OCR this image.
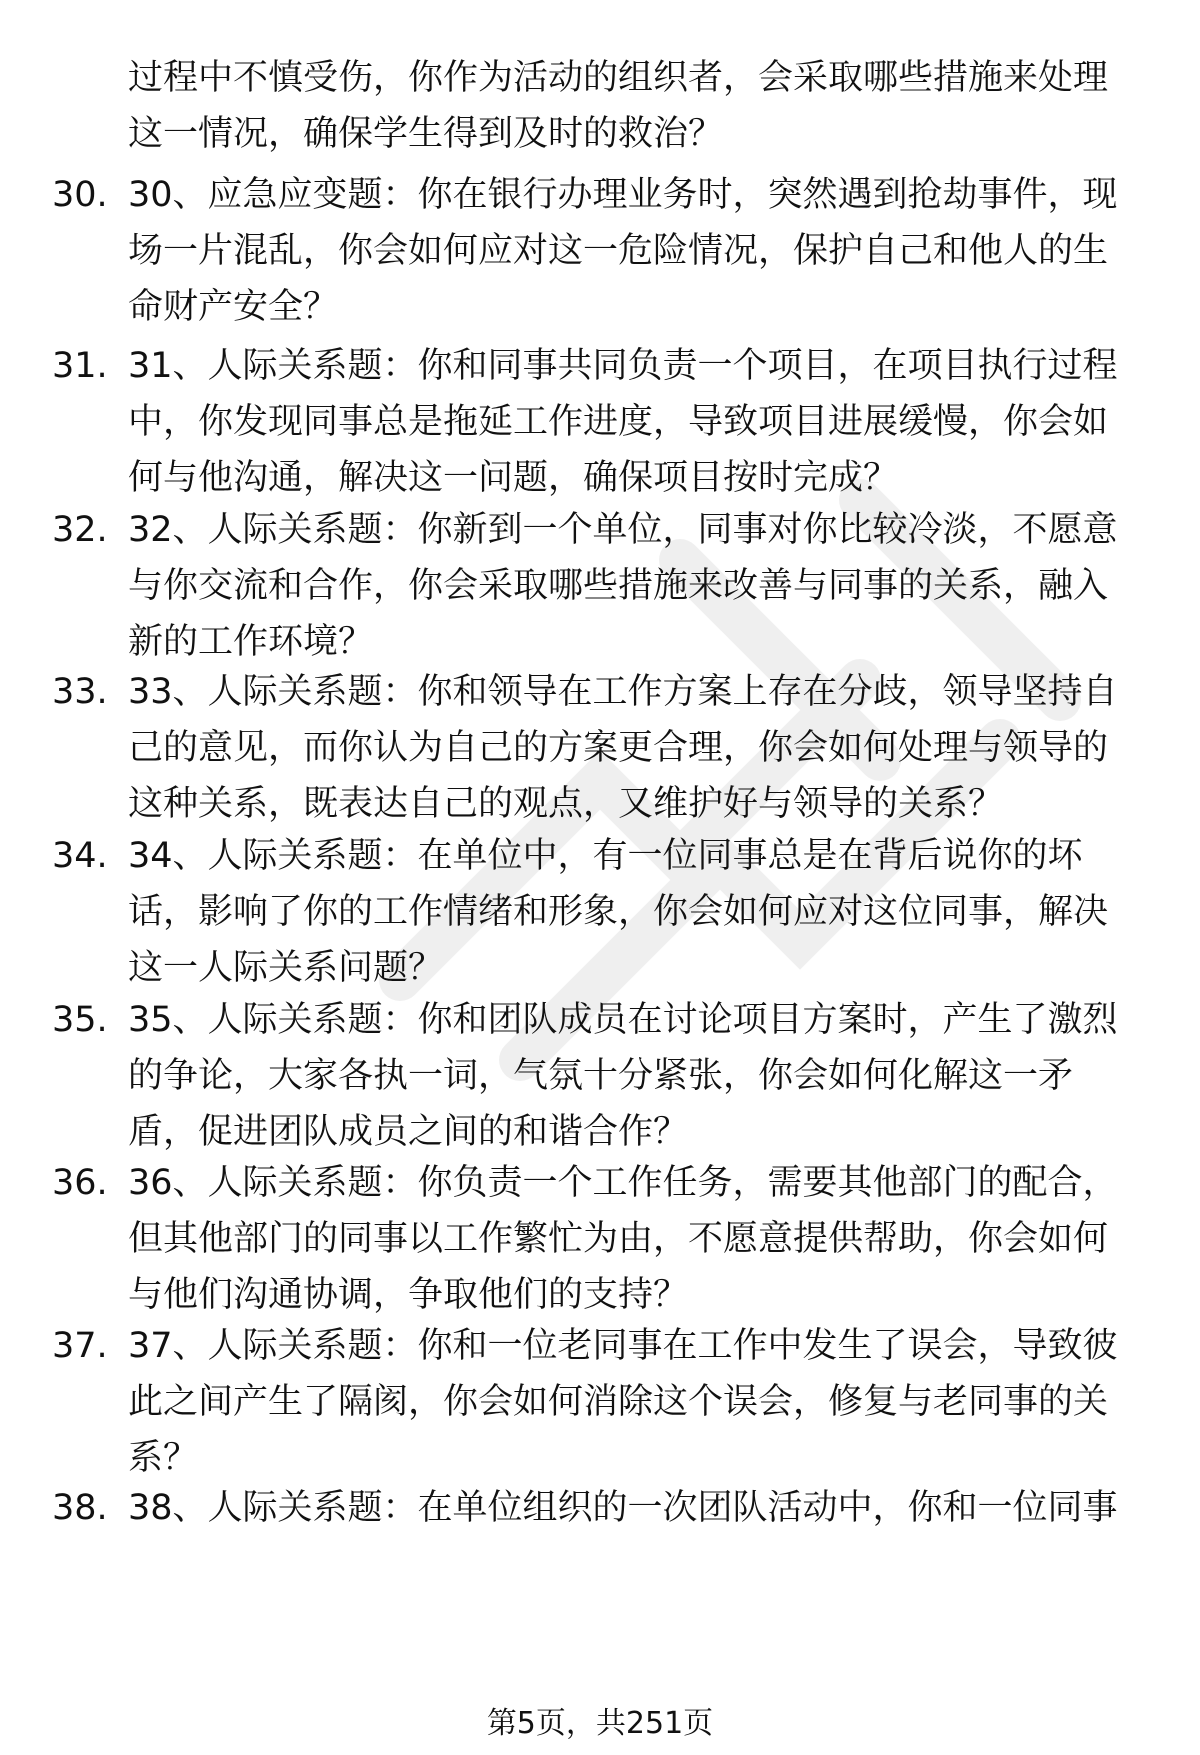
过程中不慎受伤，你作为活动的组织者，会采取哪些措施来处理
这一情况，确保学生得到及时的救治？
30. 30、应急应变题：你在银行办理业务时，突然遇到抢劫事件，现
场一片混乱，你会如何应对这一危险情况，保护自己和他人的生
命财产安全？
31. 31、人际关系题：你和同事共同负责一个项目，在项目执行过程
中，你发现同事总是拖延工作进度，导致项目进展缓慢，你会如
何与他沟通，解决这一问题，确保项目按时完成？
32. 32、人际关系题：你新到一个单位，同事对你比较冷淡，不愿意
与你交流和合作，你会采取哪些措施来改善与同事的关系，融入
新的工作环境？
33. 33、人际关系题：你和领导在工作方案上存在分歧，领导坚持自
己的意见，而你认为自己的方案更合理，你会如何处理与领导的
这种关系，既表达自己的观点，又维护好与领导的关系？
34. 34、人际关系题：在单位中，有一位同事总是在背后说你的坏
话，影响了你的工作情绪和形象，你会如何应对这位同事，解决
这一人际关系问题？
35. 35、人际关系题：你和团队成员在讨论项目方案时，产生了激烈
的争论，大家各执一词，气氛十分紧张，你会如何化解这一矛
盾，促进团队成员之间的和谐合作？
36. 36、人际关系题：你负责一个工作任务，需要其他部门的配合，
但其他部门的同事以工作繁忙为由，不愿意提供帮助，你会如何
与他们沟通协调，争取他们的支持？
37. 37、人际关系题：你和一位老同事在工作中发生了误会，导致彼
此之间产生了隔阂，你会如何消除这个误会，修复与老同事的关
系？
38. 38、人际关系题：在单位组织的一次团队活动中，你和一位同事
第5页，共251页
